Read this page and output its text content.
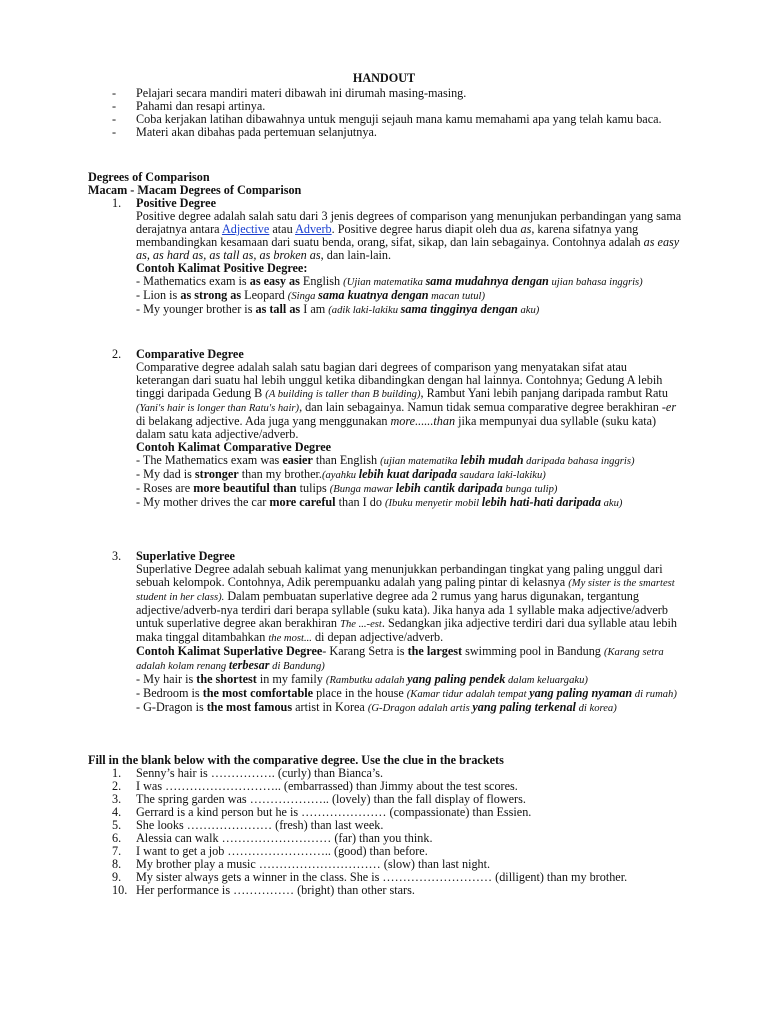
HANDOUT
-	Pelajari secara mandiri materi dibawah ini dirumah masing-masing.
-	Pahami dan resapi artinya.
-	Coba kerjakan latihan dibawahnya untuk menguji sejauh mana kamu memahami apa yang telah kamu baca.
-	Materi akan dibahas pada pertemuan selanjutnya.
Degrees of Comparison
Macam - Macam Degrees of Comparison
1.	Positive Degree
Positive degree adalah salah satu dari 3 jenis degrees of comparison yang menunjukan perbandingan yang sama derajatnya antara Adjective atau Adverb. Positive degree harus diapit oleh dua as, karena sifatnya yang membandingkan kesamaan dari suatu benda, orang, sifat, sikap, dan lain sebagainya. Contohnya adalah as easy as, as hard as, as tall as, as broken as, dan lain-lain.
Contoh Kalimat Positive Degree:
- Mathematics exam is as easy as English (Ujian matematika sama mudahnya dengan ujian bahasa inggris)
- Lion is as strong as Leopard (Singa sama kuatnya dengan macan tutul)
- My younger brother is as tall as I am (adik laki-lakiku sama tingginya dengan aku)
2.	Comparative Degree
Comparative degree adalah salah satu bagian dari degrees of comparison yang menyatakan sifat atau keterangan dari suatu hal lebih unggul ketika dibandingkan dengan hal lainnya. Contohnya; Gedung A lebih tinggi daripada Gedung B (A building is taller than B building), Rambut Yani lebih panjang daripada rambut Ratu (Yani's hair is longer than Ratu's hair), dan lain sebagainya. Namun tidak semua comparative degree berakhiran -er di belakang adjective. Ada juga yang menggunakan more......than jika mempunyai dua syllable (suku kata) dalam satu kata adjective/adverb.
Contoh Kalimat Comparative Degree
- The Mathematics exam was easier than English (ujian matematika lebih mudah daripada bahasa inggris)
- My dad is stronger than my brother.(ayahku lebih kuat daripada saudara laki-lakiku)
- Roses are more beautiful than tulips (Bunga mawar lebih cantik daripada bunga tulip)
- My mother drives the car more careful than I do (Ibuku menyetir mobil lebih hati-hati daripada aku)
3.	Superlative Degree
Superlative Degree adalah sebuah kalimat yang menunjukkan perbandingan tingkat yang paling unggul dari sebuah kelompok. Contohnya, Adik perempuanku adalah yang paling pintar di kelasnya (My sister is the smartest student in her class). Dalam pembuatan superlative degree ada 2 rumus yang harus digunakan, tergantung adjective/adverb-nya terdiri dari berapa syllable (suku kata). Jika hanya ada 1 syllable maka adjective/adverb untuk superlative degree akan berakhiran The ...-est. Sedangkan jika adjective terdiri dari dua syllable atau lebih maka tinggal ditambahkan the most... di depan adjective/adverb.
Contoh Kalimat Superlative Degree- Karang Setra is the largest swimming pool in Bandung (Karang setra adalah kolam renang terbesar di Bandung)
- My hair is the shortest in my family (Rambutku adalah yang paling pendek dalam keluargaku)
- Bedroom is the most comfortable place in the house (Kamar tidur adalah tempat yang paling nyaman di rumah)
- G-Dragon is the most famous artist in Korea (G-Dragon adalah artis yang paling terkenal di korea)
Fill in the blank below with the comparative degree. Use the clue in the brackets
1.	Senny’s hair is ……………. (curly) than Bianca’s.
2.	I was ……………………….. (embarrassed) than Jimmy about the test scores.
3.	The spring garden was ……………….. (lovely) than the fall display of flowers.
4.	Gerrard is a kind person but he is ………………… (compassionate) than Essien.
5.	She looks ………………… (fresh) than last week.
6.	Alessia can walk ……………………… (far) than you think.
7.	I want to get a job …………………….. (good) than before.
8.	My brother play a music ………………………… (slow) than last night.
9.	My sister always gets a winner in the class. She is ……………………… (dilligent) than my brother.
10. Her performance is …………… (bright) than other stars.
